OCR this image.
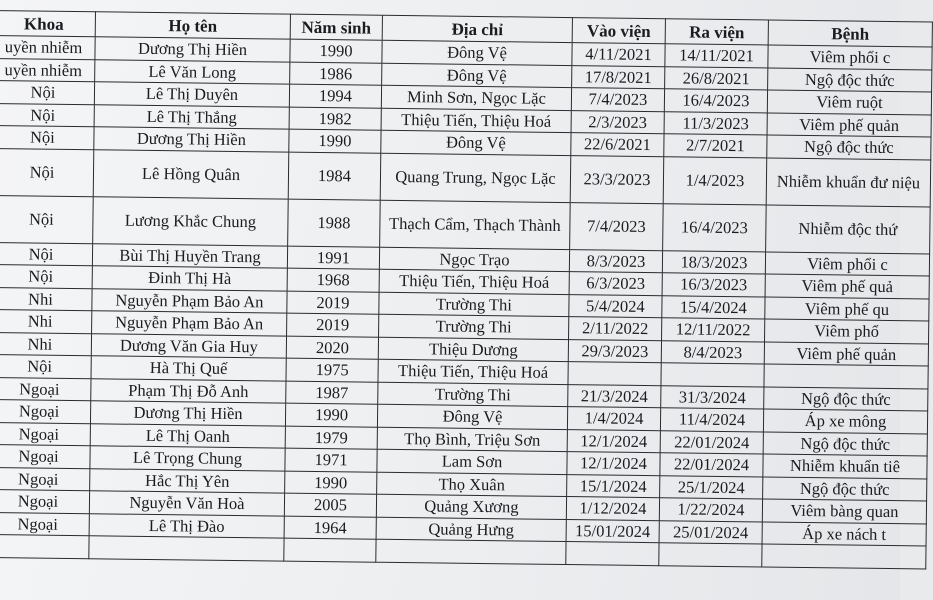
Khoa	Họ tên	Năm sinh	Địa chỉ	Vào viện	Ra viện	Bệnh
uyền nhiễm	Dương Thị Hiền	1990	Đông Vệ	4/11/2021	14/11/2021	Viêm phổi c
uyền nhiễm	Lê Văn Long	1986	Đông Vệ	17/8/2021	26/8/2021	Ngộ độc thức
Nội	Lê Thị Duyên	1994	Minh Sơn, Ngọc Lặc	7/4/2023	16/4/2023	Viêm ruột
Nội	Lê Thị Thắng	1982	Thiệu Tiến, Thiệu Hoá	2/3/2023	11/3/2023	Viêm phế quản
Nội	Dương Thị Hiền	1990	Đông Vệ	22/6/2021	2/7/2021	Ngộ độc thức
Nội	Lê Hồng Quân	1984	Quang Trung, Ngọc Lặc	23/3/2023	1/4/2023	Nhiễm khuẩn đư niệu
Nội	Lương Khắc Chung	1988	Thạch Cẩm, Thạch Thành	7/4/2023	16/4/2023	Nhiễm độc thứ
Nội	Bùi Thị Huyền Trang	1991	Ngọc Trạo	8/3/2023	18/3/2023	Viêm phổi c
Nội	Đinh Thị Hà	1968	Thiệu Tiến, Thiệu Hoá	6/3/2023	16/3/2023	Viêm phế quả
Nhi	Nguyễn Phạm Bảo An	2019	Trường Thi	5/4/2024	15/4/2024	Viêm phế qu
Nhi	Nguyễn Phạm Bảo An	2019	Trường Thi	2/11/2022	12/11/2022	Viêm phổ
Nhi	Dương Văn Gia Huy	2020	Thiệu Dương	29/3/2023	8/4/2023	Viêm phế quản
Nội	Hà Thị Quế	1975	Thiệu Tiến, Thiệu Hoá			
Ngoại	Phạm Thị Đỗ Anh	1987	Trường Thi	21/3/2024	31/3/2024	Ngộ độc thức
Ngoại	Dương Thị Hiền	1990	Đông Vệ	1/4/2024	11/4/2024	Áp xe mông
Ngoại	Lê Thị Oanh	1979	Thọ Bình, Triệu Sơn	12/1/2024	22/01/2024	Ngộ độc thức
Ngoại	Lê Trọng Chung	1971	Lam Sơn	12/1/2024	22/01/2024	Nhiễm khuẩn tiê
Ngoại	Hắc Thị Yên	1990	Thọ Xuân	15/1/2024	25/1/2024	Ngộ độc thức
Ngoại	Nguyễn Văn Hoà	2005	Quảng Xương	1/12/2024	1/22/2024	Viêm bàng quan
Ngoại	Lê Thị Đào	1964	Quảng Hưng	15/01/2024	25/01/2024	Áp xe nách t
